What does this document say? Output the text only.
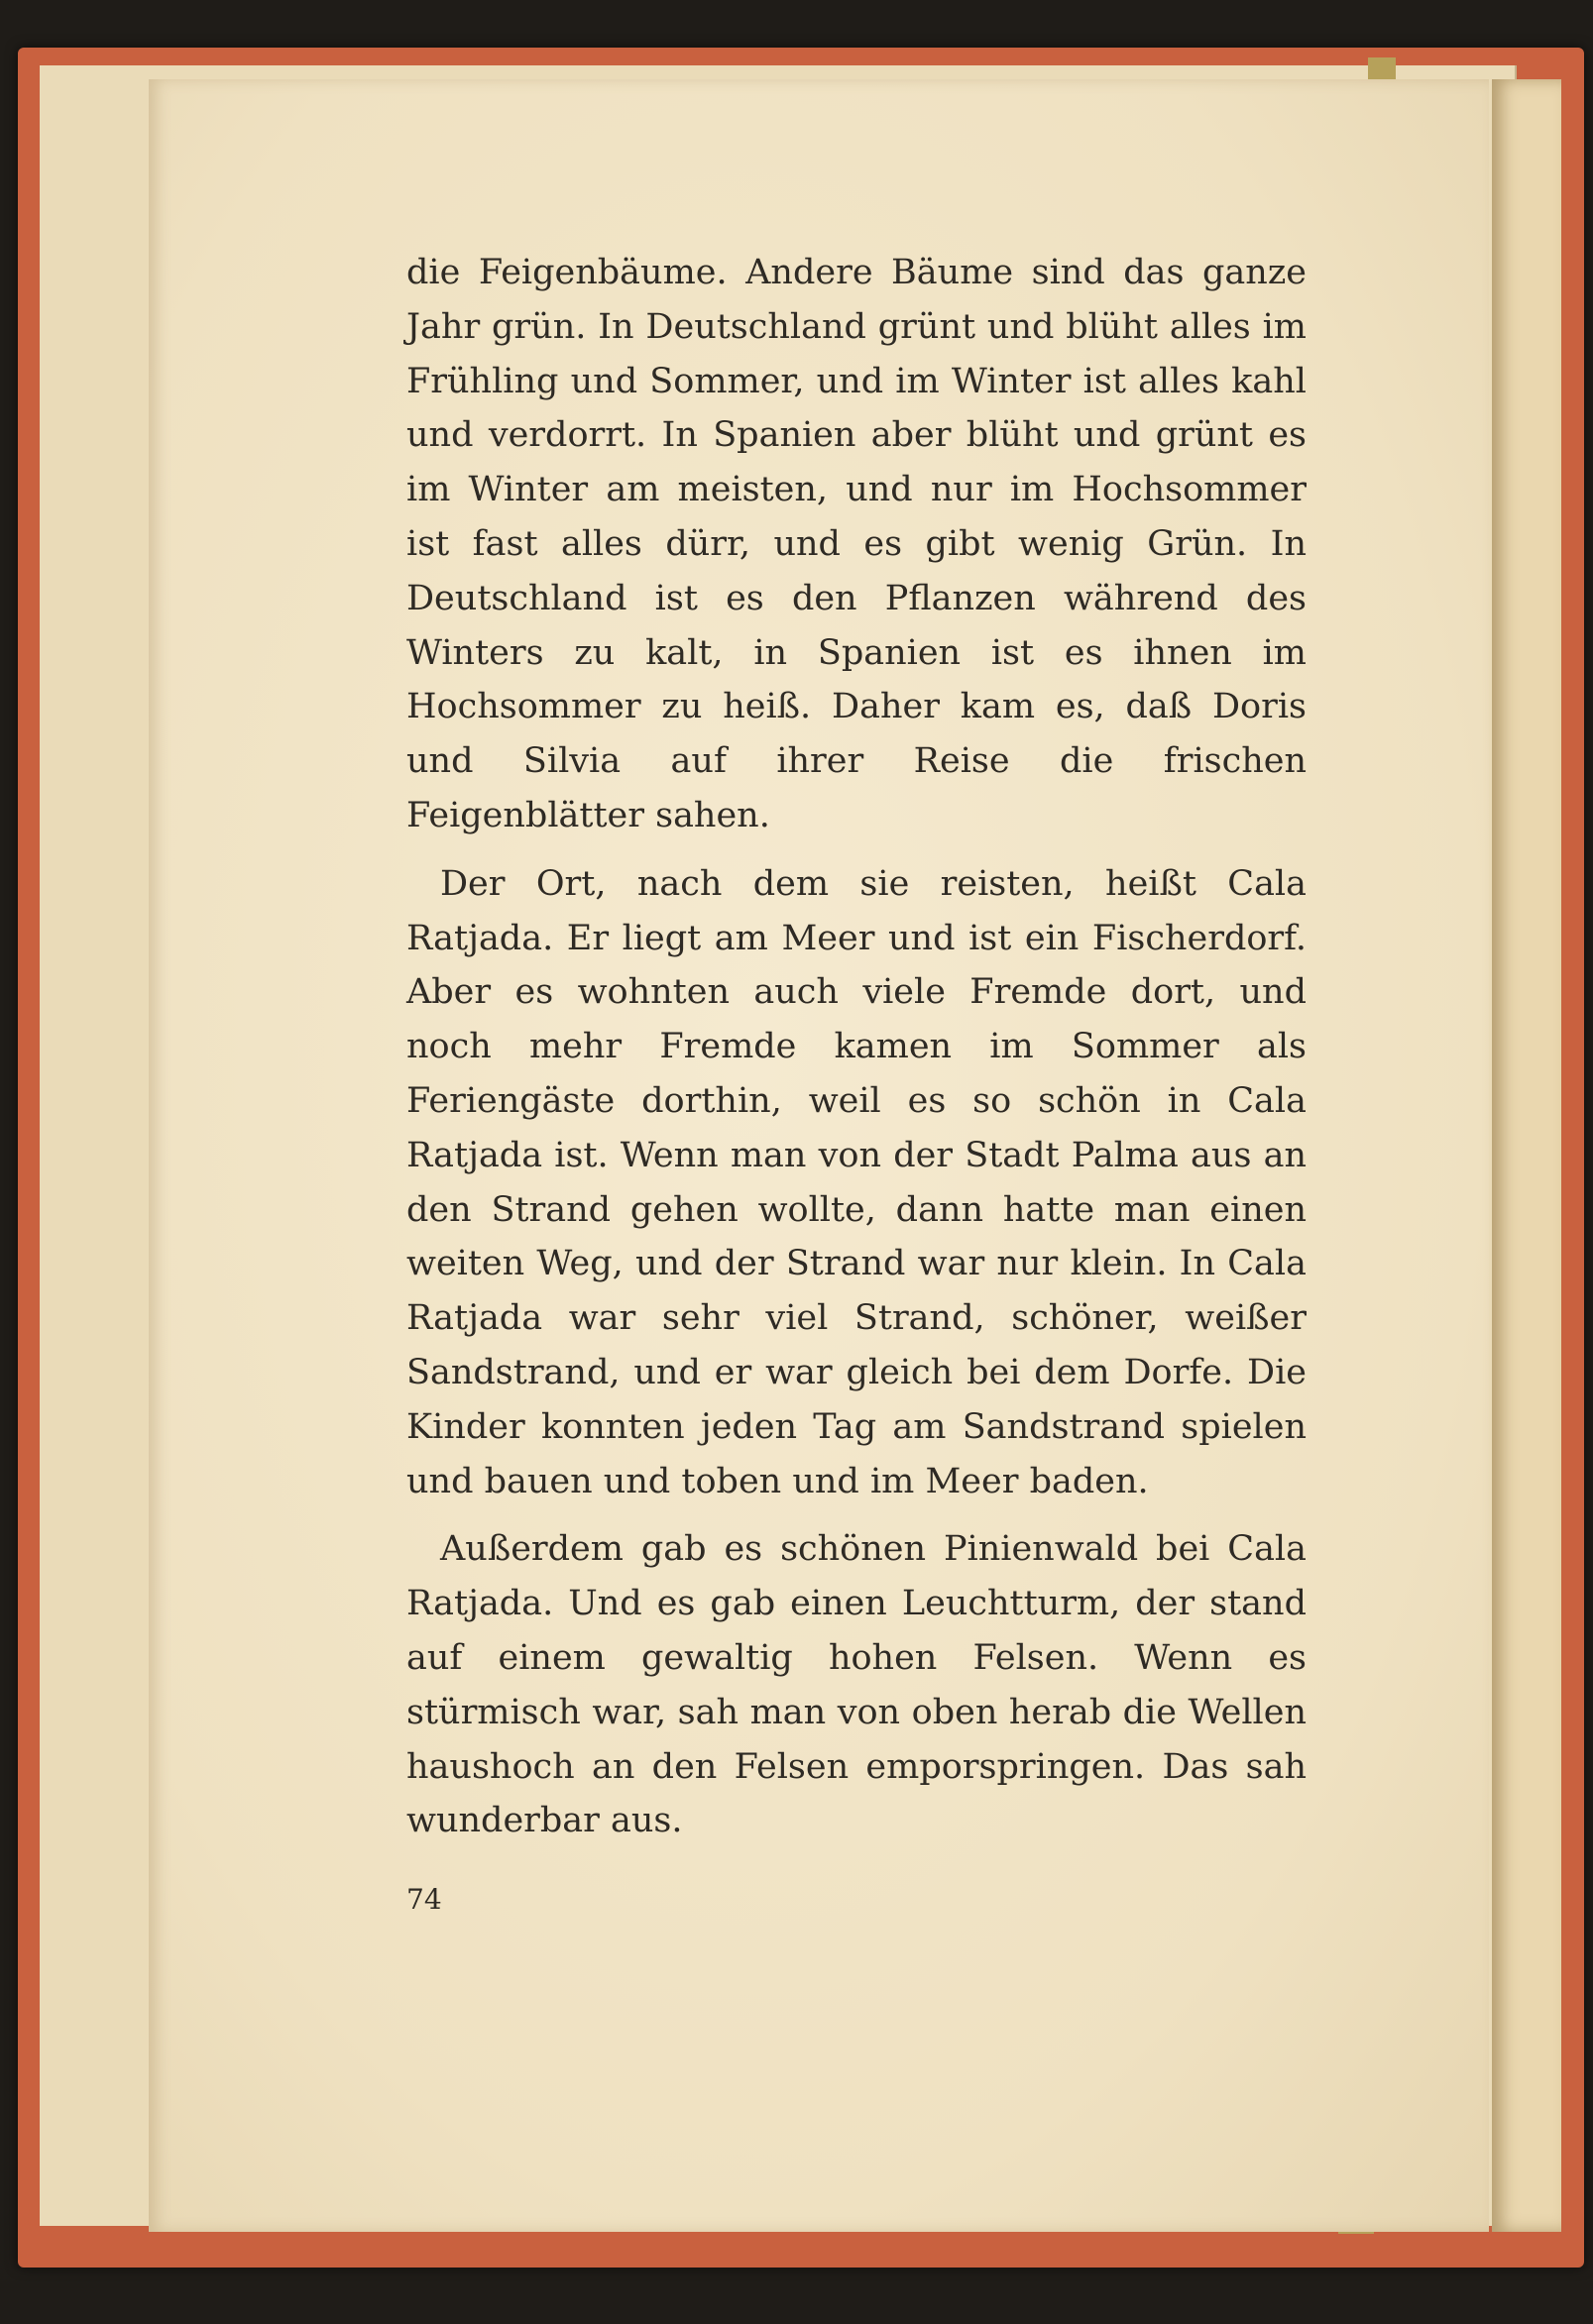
die Feigenbäume. Andere Bäume sind das ganze Jahr grün. In Deutschland grünt und blüht alles im Frühling und Sommer, und im Winter ist alles kahl und verdorrt. In Spanien aber blüht und grünt es im Winter am meisten, und nur im Hochsommer ist fast alles dürr, und es gibt wenig Grün. In Deutschland ist es den Pflanzen während des Winters zu kalt, in Spanien ist es ihnen im Hochsommer zu heiß. Daher kam es, daß Doris und Silvia auf ihrer Reise die frischen Feigenblätter sahen.

Der Ort, nach dem sie reisten, heißt Cala Ratjada. Er liegt am Meer und ist ein Fischerdorf. Aber es wohnten auch viele Fremde dort, und noch mehr Fremde kamen im Sommer als Feriengäste dorthin, weil es so schön in Cala Ratjada ist. Wenn man von der Stadt Palma aus an den Strand gehen wollte, dann hatte man einen weiten Weg, und der Strand war nur klein. In Cala Ratjada war sehr viel Strand, schöner, weißer Sandstrand, und er war gleich bei dem Dorfe. Die Kinder konnten jeden Tag am Sandstrand spielen und bauen und toben und im Meer baden.

Außerdem gab es schönen Pinienwald bei Cala Ratjada. Und es gab einen Leuchtturm, der stand auf einem gewaltig hohen Felsen. Wenn es stürmisch war, sah man von oben herab die Wellen haushoch an den Felsen emporspringen. Das sah wunderbar aus.

74
